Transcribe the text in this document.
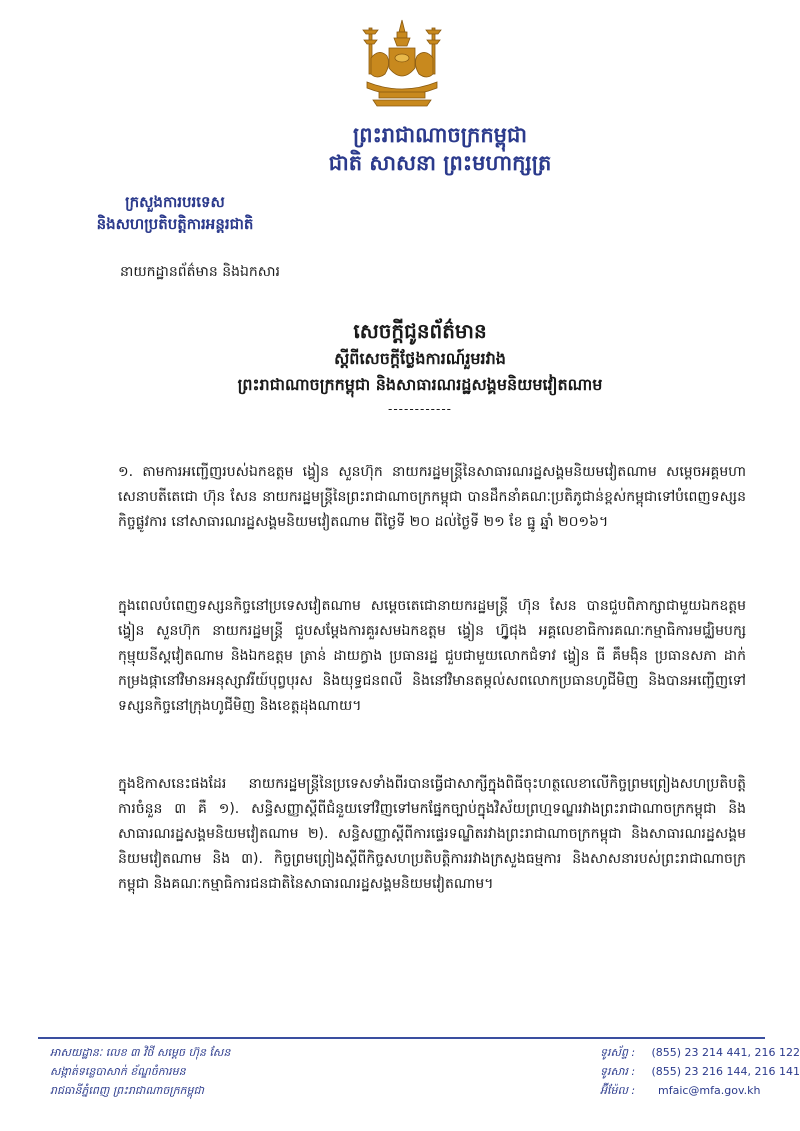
ព្រះរាជាណាចក្រកម្ពុជា
ជាតិ សាសនា ព្រះមហាក្សត្រ
ក្រសួងការបរទេស
និងសហប្រតិបត្តិការអន្តរជាតិ
នាយកដ្ឋានព័ត៌មាន និងឯកសារ
សេចក្ដីជូនព័ត៌មាន
ស្ដីពីសេចក្ដីថ្លែងការណ៍រួមរវាង
ព្រះរាជាណាចក្រកម្ពុជា និងសាធារណរដ្ឋសង្គមនិយមវៀតណាម
------------

១. តាមការអញ្ជើញរបស់ឯកឧត្តម ង្វៀន សួនហ៊ុក នាយករដ្ឋមន្ត្រីនៃសាធារណរដ្ឋសង្គមនិយមវៀតណាម សម្ដេចអគ្គមហាសេនាបតីតេជោ ហ៊ុន សែន នាយករដ្ឋមន្ត្រីនៃព្រះរាជាណាចក្រកម្ពុជា បានដឹកនាំគណៈប្រតិភូជាន់ខ្ពស់កម្ពុជាទៅបំពេញទស្សនកិច្ចផ្លូវការ នៅសាធារណរដ្ឋសង្គមនិយមវៀតណាម ពីថ្ងៃទី ២០ ដល់ថ្ងៃទី ២១ ខែ ធ្នូ ឆ្នាំ ២០១៦។

ក្នុងពេលបំពេញទស្សនកិច្ចនៅប្រទេសវៀតណាម សម្ដេចតេជោនាយករដ្ឋមន្ត្រី ហ៊ុន សែន បានជួបពិភាក្សាជាមួយឯកឧត្តម ង្វៀន សួនហ៊ុក នាយករដ្ឋមន្ត្រី ជួបសម្ដែងការគួរសមឯកឧត្តម ង្វៀន ហ្វ៊ូជុង អគ្គលេខាធិការគណៈកម្មាធិការមជ្ឈិមបក្សកុម្មុយនីស្តវៀតណាម និងឯកឧត្តម ត្រាន់ ដាយក្វាង ប្រធានរដ្ឋ ជួបជាមួយលោកជំទាវ ង្វៀន ធី គឹមង៉ិន ប្រធានសភា ដាក់កម្រងផ្កានៅវិមានអនុស្សាវរីយ៍បុព្វបុរស និងយុទ្ធជនពលី និងនៅវិមានតម្កល់សពលោកប្រធានហូជីមិញ និងបានអញ្ជើញទៅទស្សនកិច្ចនៅក្រុងហូជីមិញ និងខេត្តដុងណាយ។

ក្នុងឱកាសនេះផងដែរ នាយករដ្ឋមន្ត្រីនៃប្រទេសទាំងពីរបានធ្វើជាសាក្សីក្នុងពិធីចុះហត្ថលេខាលើកិច្ចព្រមព្រៀងសហប្រតិបត្តិការចំនួន ៣ គឺ ១). សន្ធិសញ្ញាស្ដីពីជំនួយទៅវិញទៅមកផ្នែកច្បាប់ក្នុងវិស័យព្រហ្មទណ្ឌរវាងព្រះរាជាណាចក្រកម្ពុជា និងសាធារណរដ្ឋសង្គមនិយមវៀតណាម ២). សន្ធិសញ្ញាស្ដីពីការផ្ទេរទណ្ឌិតរវាងព្រះរាជាណាចក្រកម្ពុជា និងសាធារណរដ្ឋសង្គមនិយមវៀតណាម និង ៣). កិច្ចព្រមព្រៀងស្ដីពីកិច្ចសហប្រតិបត្តិការរវាងក្រសួងធម្មការ និងសាសនារបស់ព្រះរាជាណាចក្រកម្ពុជា និងគណៈកម្មាធិការជនជាតិនៃសាធារណរដ្ឋសង្គមនិយមវៀតណាម។

អាសយដ្ឋានៈ លេខ ៣ វិថី សម្ដេច ហ៊ុន សែន
សង្កាត់ទន្លេបាសាក់ ខ័ណ្ឌចំការមន
រាជធានីភ្នំពេញ ព្រះរាជាណាចក្រកម្ពុជា
ទូរស័ព្ទ :	(855) 23 214 441, 216 122
ទូរសារ :	(855) 23 216 144, 216 141
អ៊ីម៉ែល :	mfaic@mfa.gov.kh
